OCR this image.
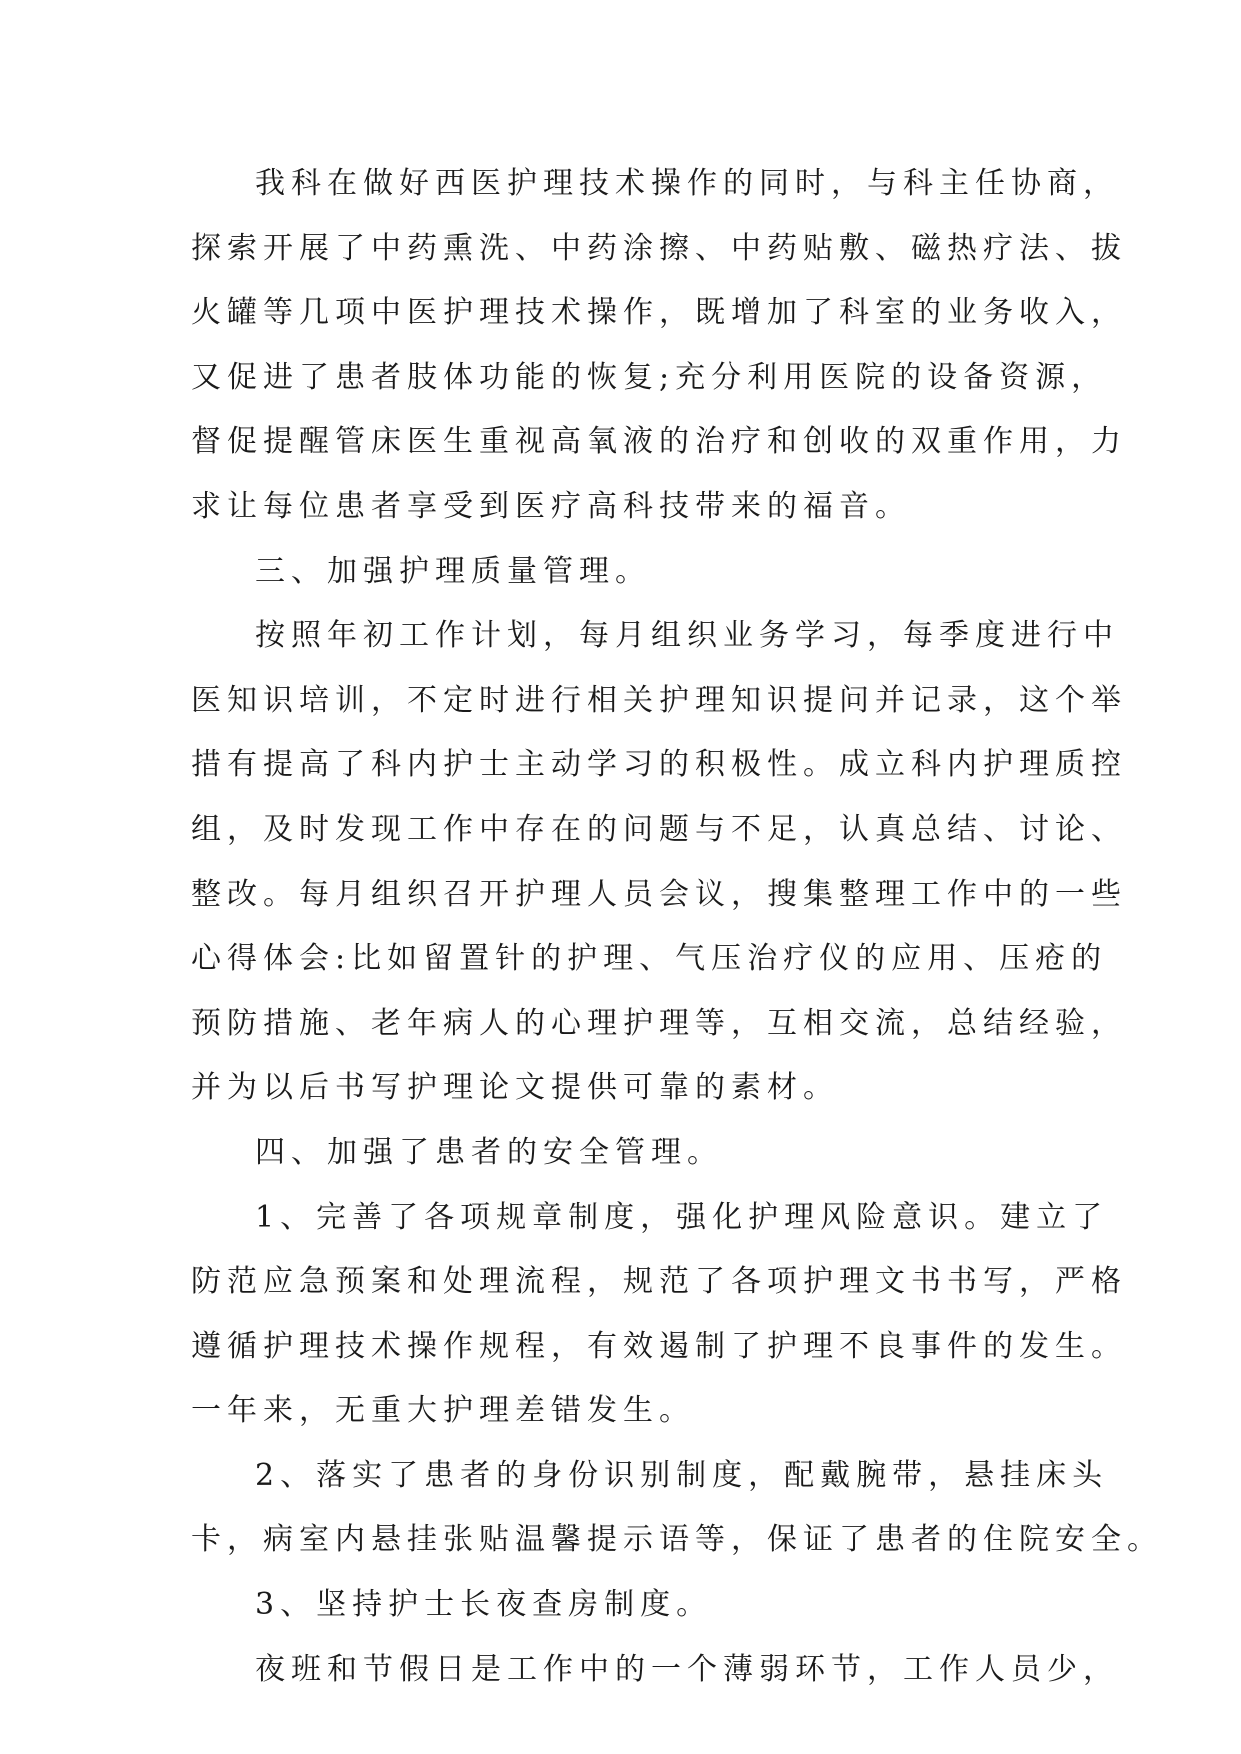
我科在做好西医护理技术操作的同时，与科主任协商，
探索开展了中药熏洗、中药涂擦、中药贴敷、磁热疗法、拔
火罐等几项中医护理技术操作，既增加了科室的业务收入，
又促进了患者肢体功能的恢复;充分利用医院的设备资源，
督促提醒管床医生重视高氧液的治疗和创收的双重作用，力
求让每位患者享受到医疗高科技带来的福音。
三、加强护理质量管理。
按照年初工作计划，每月组织业务学习，每季度进行中
医知识培训，不定时进行相关护理知识提问并记录，这个举
措有提高了科内护士主动学习的积极性。成立科内护理质控
组，及时发现工作中存在的问题与不足，认真总结、讨论、
整改。每月组织召开护理人员会议，搜集整理工作中的一些
心得体会:比如留置针的护理、气压治疗仪的应用、压疮的
预防措施、老年病人的心理护理等，互相交流，总结经验，
并为以后书写护理论文提供可靠的素材。
四、加强了患者的安全管理。
1、完善了各项规章制度，强化护理风险意识。建立了
防范应急预案和处理流程，规范了各项护理文书书写，严格
遵循护理技术操作规程，有效遏制了护理不良事件的发生。
一年来，无重大护理差错发生。
2、落实了患者的身份识别制度，配戴腕带，悬挂床头
卡，病室内悬挂张贴温馨提示语等，保证了患者的住院安全。
3、坚持护士长夜查房制度。
夜班和节假日是工作中的一个薄弱环节，工作人员少，
